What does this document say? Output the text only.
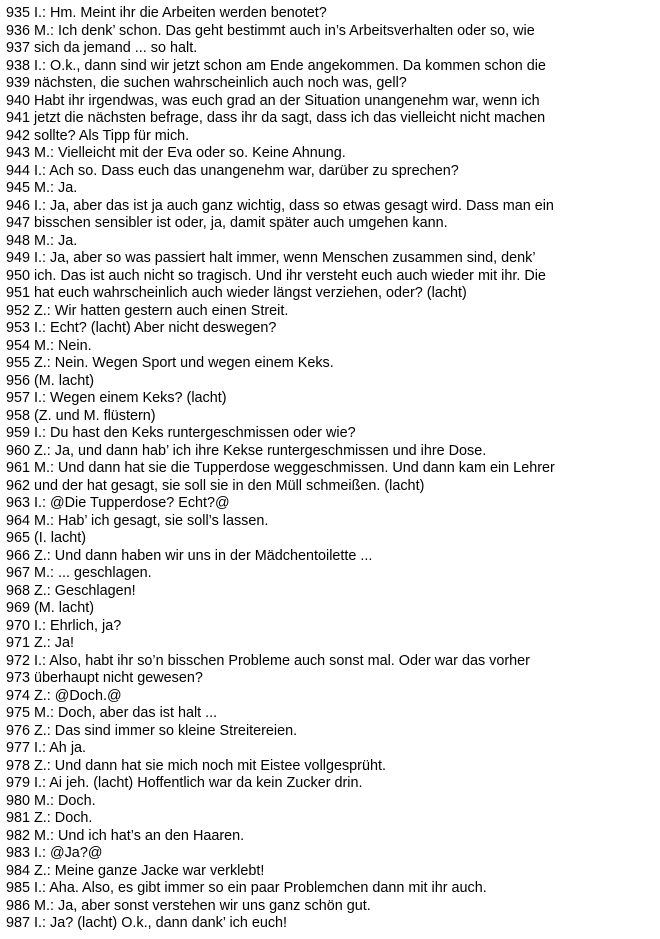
935 I.: Hm. Meint ihr die Arbeiten werden benotet?
936 M.: Ich denk’ schon. Das geht bestimmt auch in’s Arbeitsverhalten oder so, wie
937 sich da jemand ... so halt.
938 I.: O.k., dann sind wir jetzt schon am Ende angekommen. Da kommen schon die
939 nächsten, die suchen wahrscheinlich auch noch was, gell?
940 Habt ihr irgendwas, was euch grad an der Situation unangenehm war, wenn ich
941 jetzt die nächsten befrage, dass ihr da sagt, dass ich das vielleicht nicht machen
942 sollte? Als Tipp für mich.
943 M.: Vielleicht mit der Eva oder so. Keine Ahnung.
944 I.: Ach so. Dass euch das unangenehm war, darüber zu sprechen?
945 M.: Ja.
946 I.: Ja, aber das ist ja auch ganz wichtig, dass so etwas gesagt wird. Dass man ein
947 bisschen sensibler ist oder, ja, damit später auch umgehen kann.
948 M.: Ja.
949 I.: Ja, aber so was passiert halt immer, wenn Menschen zusammen sind, denk’
950 ich. Das ist auch nicht so tragisch. Und ihr versteht euch auch wieder mit ihr. Die
951 hat euch wahrscheinlich auch wieder längst verziehen, oder? (lacht)
952 Z.: Wir hatten gestern auch einen Streit.
953 I.: Echt? (lacht) Aber nicht deswegen?
954 M.: Nein.
955 Z.: Nein. Wegen Sport und wegen einem Keks.
956 (M. lacht)
957 I.: Wegen einem Keks? (lacht)
958 (Z. und M. flüstern)
959 I.: Du hast den Keks runtergeschmissen oder wie?
960 Z.: Ja, und dann hab’ ich ihre Kekse runtergeschmissen und ihre Dose.
961 M.: Und dann hat sie die Tupperdose weggeschmissen. Und dann kam ein Lehrer
962 und der hat gesagt, sie soll sie in den Müll schmeißen. (lacht)
963 I.: @Die Tupperdose? Echt?@
964 M.: Hab’ ich gesagt, sie soll’s lassen.
965 (I. lacht)
966 Z.: Und dann haben wir uns in der Mädchentoilette ...
967 M.: ... geschlagen.
968 Z.: Geschlagen!
969 (M. lacht)
970 I.: Ehrlich, ja?
971 Z.: Ja!
972 I.: Also, habt ihr so’n bisschen Probleme auch sonst mal. Oder war das vorher
973 überhaupt nicht gewesen?
974 Z.: @Doch.@
975 M.: Doch, aber das ist halt ...
976 Z.: Das sind immer so kleine Streitereien.
977 I.: Ah ja.
978 Z.: Und dann hat sie mich noch mit Eistee vollgesprüht.
979 I.: Ai jeh. (lacht) Hoffentlich war da kein Zucker drin.
980 M.: Doch.
981 Z.: Doch.
982 M.: Und ich hat’s an den Haaren.
983 I.: @Ja?@
984 Z.: Meine ganze Jacke war verklebt!
985 I.: Aha. Also, es gibt immer so ein paar Problemchen dann mit ihr auch.
986 M.: Ja, aber sonst verstehen wir uns ganz schön gut.
987 I.: Ja? (lacht) O.k., dann dank’ ich euch!
